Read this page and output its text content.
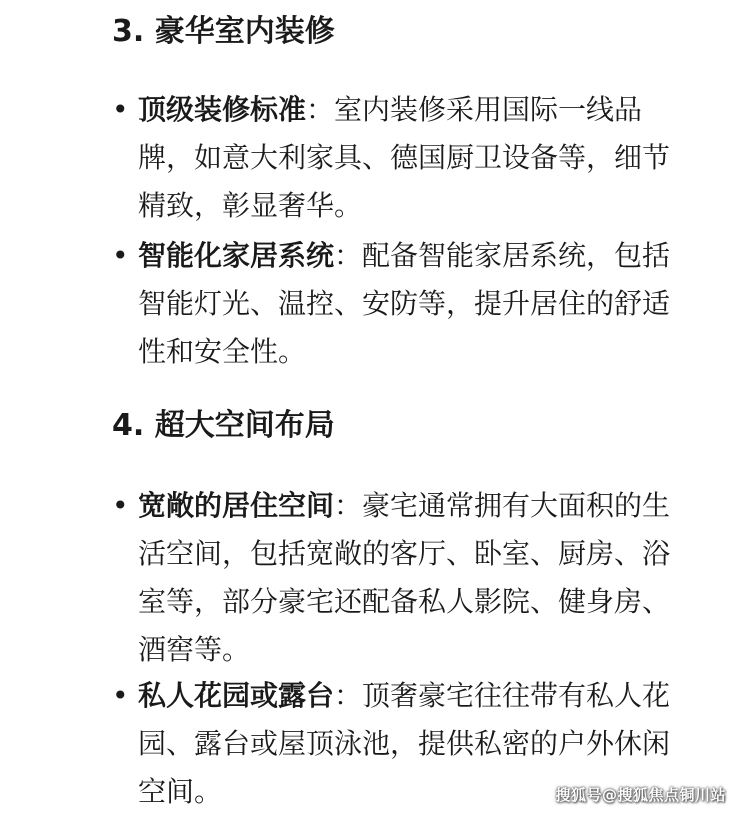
3. 豪华室内装修
• 顶级装修标准：室内装修采用国际一线品牌，如意大利家具、德国厨卫设备等，细节精致，彰显奢华。

• 智能化家居系统：配备智能家居系统，包括智能灯光、温控、安防等，提升居住的舒适性和安全性。

4. 超大空间布局
• 宽敞的居住空间：豪宅通常拥有大面积的生活空间，包括宽敞的客厅、卧室、厨房、浴室等，部分豪宅还配备私人影院、健身房、酒窖等。

• 私人花园或露台：顶奢豪宅往往带有私人花园、露台或屋顶泳池，提供私密的户外休闲空间。	搜狐号@搜狐焦点铜川站
